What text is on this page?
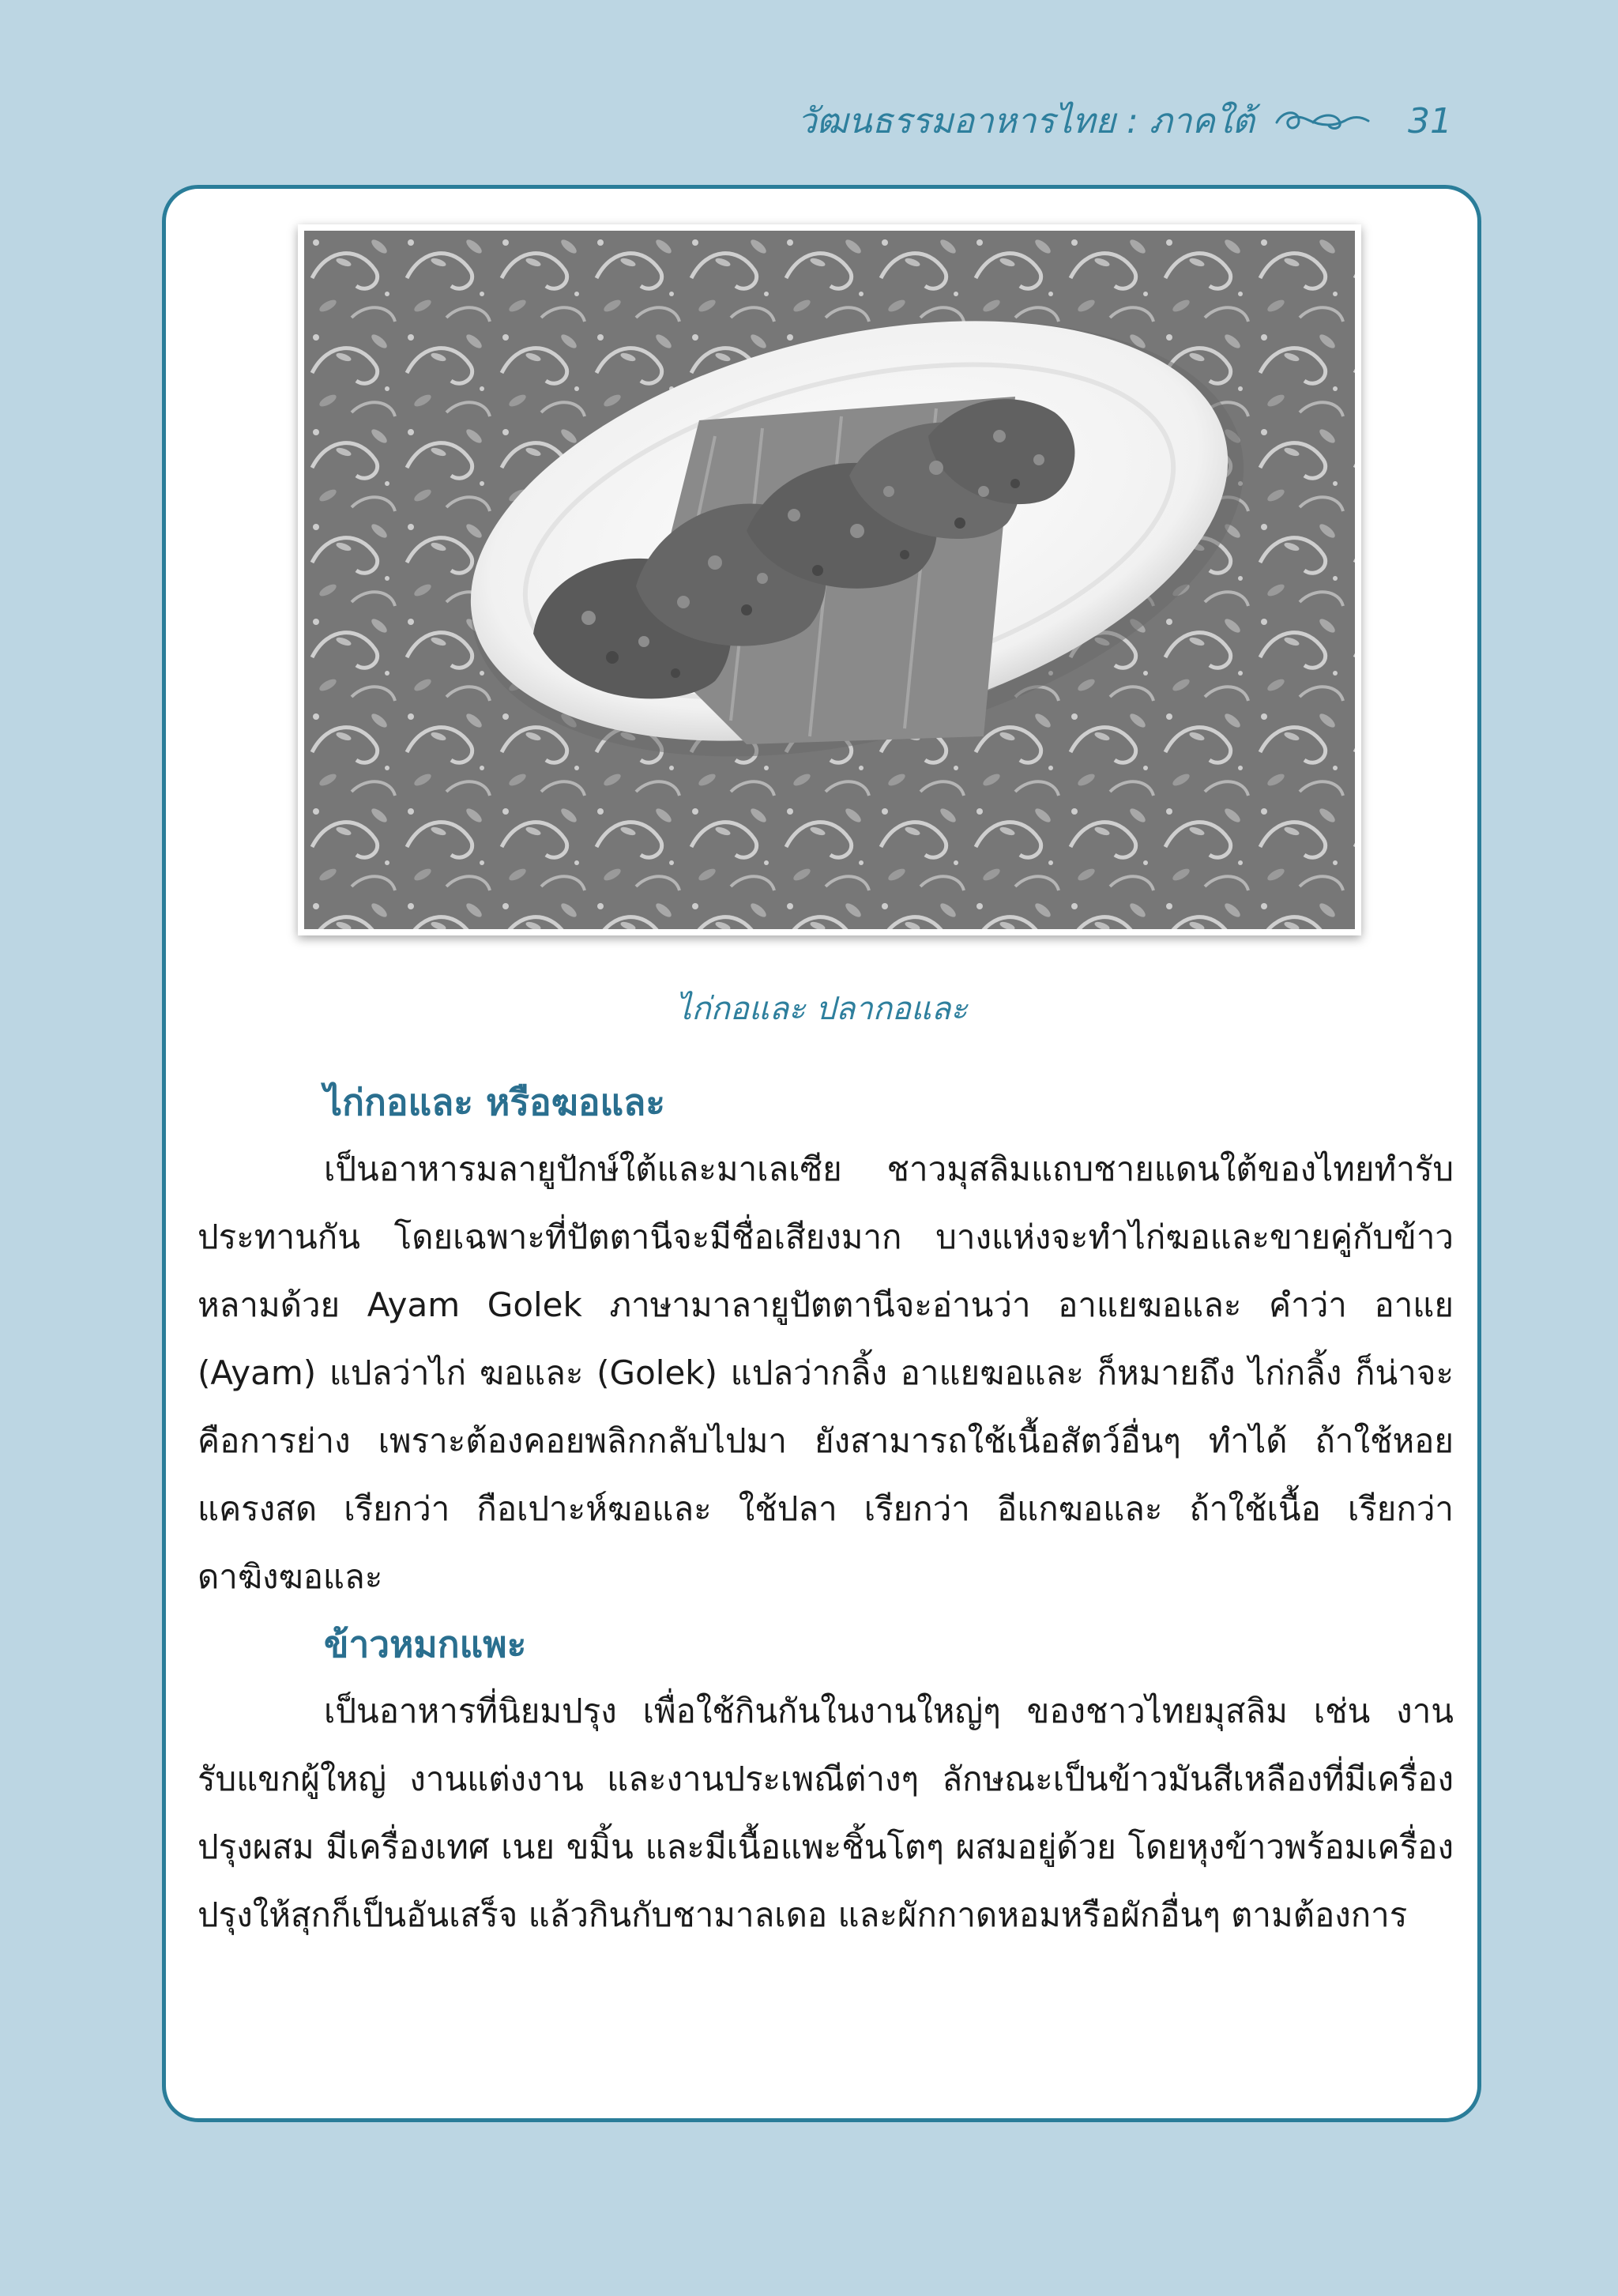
วัฒนธรรมอาหารไทย : ภาคใต้	31
ไก่กอและ ปลากอและ
ไก่กอและ หรือฆอและ

เป็นอาหารมลายูปักษ์ใต้และมาเลเซีย ชาวมุสลิมแถบชายแดนใต้ของไทยทำรับประทานกัน โดยเฉพาะที่ปัตตานีจะมีชื่อเสียงมาก บางแห่งจะทำไก่ฆอและขายคู่กับข้าวหลามด้วย Ayam Golek ภาษามาลายูปัตตานีจะอ่านว่า อาแยฆอและ คำว่า อาแย (Ayam) แปลว่าไก่ ฆอและ (Golek) แปลว่ากลิ้ง อาแยฆอและ ก็หมายถึง ไก่กลิ้ง ก็น่าจะคือการย่าง เพราะต้องคอยพลิกกลับไปมา ยังสามารถใช้เนื้อสัตว์อื่นๆ ทำได้ ถ้าใช้หอยแครงสด เรียกว่า กือเปาะห์ฆอและ ใช้ปลา เรียกว่า อีแกฆอและ ถ้าใช้เนื้อ เรียกว่า ดาฆิงฆอและ

ข้าวหมกแพะ

เป็นอาหารที่นิยมปรุง เพื่อใช้กินกันในงานใหญ่ๆ ของชาวไทยมุสลิม เช่น งานรับแขกผู้ใหญ่ งานแต่งงาน และงานประเพณีต่างๆ ลักษณะเป็นข้าวมันสีเหลืองที่มีเครื่องปรุงผสม มีเครื่องเทศ เนย ขมิ้น และมีเนื้อแพะชิ้นโตๆ ผสมอยู่ด้วย โดยหุงข้าวพร้อมเครื่องปรุงให้สุกก็เป็นอันเสร็จ แล้วกินกับชามาลเดอ และผักกาดหอมหรือผักอื่นๆ ตามต้องการ
